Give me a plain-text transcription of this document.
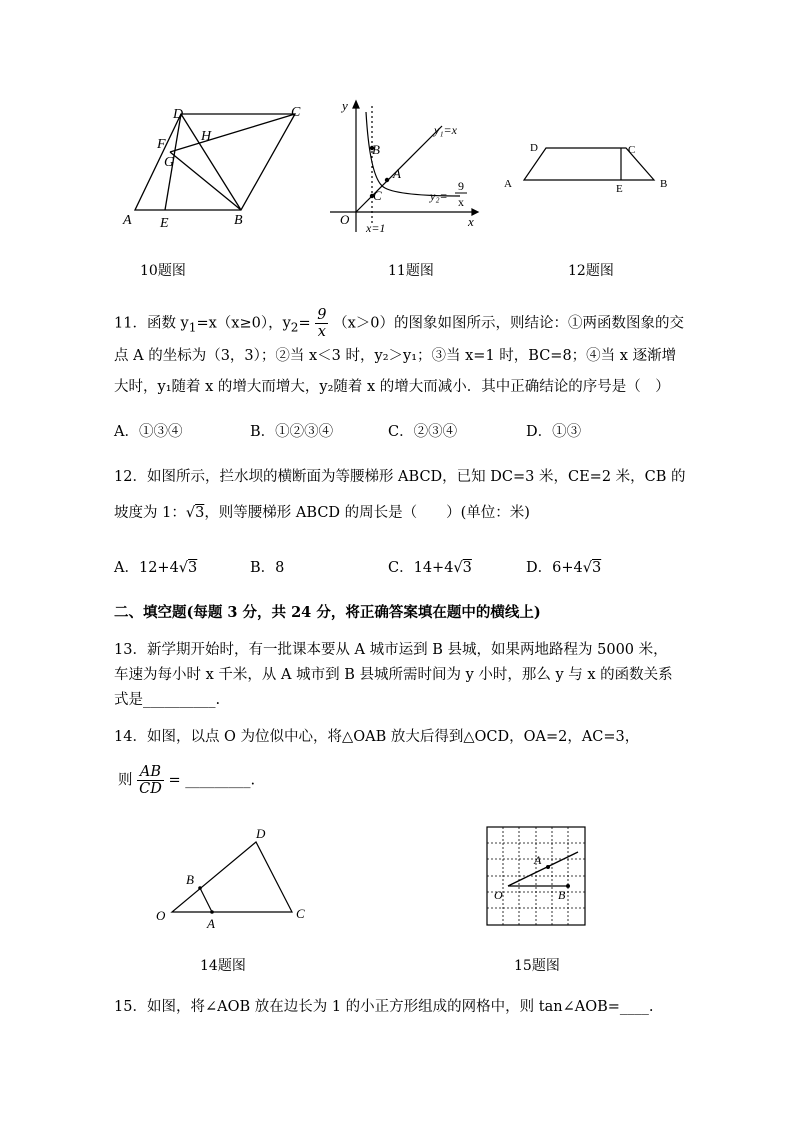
A E	B
C
D
F
G
H
10题图
y
x
O
B
A
C
y₁=x
y₂=
9
x
x=1
11题图
A	B
C
D
E
12题图
11．函数 $y_1=x(x\ge 0)$，$y_2= \frac{9}{x} (x>0)$的图象如图所示，则结论：①两函数图象的交
点 A 的坐标为（3，3）；②当 x＜3 时，y₂＞y₁；③当 x=1 时，BC=8；④当 x 逐渐增
大时，y₁随着 x 的增大而增大，y₂随着 x 的增大而减小．其中正确结论的序号是（　）
A．①③④	B．①②③④	C．②③④	D．①③
12．如图所示，拦水坝的横断面为等腰梯形 ABCD，已知 DC=3 米，CE=2 米，CB 的
坡度为 1：√3，则等腰梯形 ABCD 的周长是（　　）(单位：米)
A．12+4√3	B．8	C．14+4√3	D．6+4√3
二、填空题(每题 3 分，共 24 分，将正确答案填在题中的横线上)
13．新学期开始时，有一批课本要从 A 城市运到 B 县城，如果两地路程为 5000 米，
车速为每小时 x 千米，从 A 城市到 B 县城所需时间为 y 小时，那么 y 与 x 的函数关系
式是__________.
14．如图，以点 O 为位似中心，将△OAB 放大后得到△OCD，OA=2，AC=3，
则 $\frac{AB}{CD}$ = _________.
O
A
B
C
D
14题图
O
A
B
15题图
15．如图，将∠AOB 放在边长为 1 的小正方形组成的网格中，则 tan∠AOB=____.
